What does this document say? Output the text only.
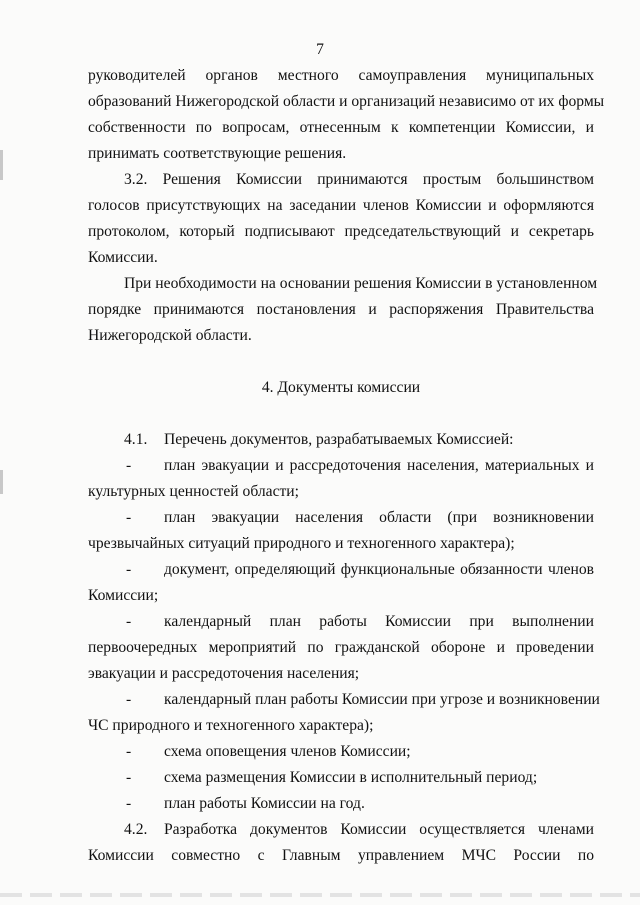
7
руководителей органов местного самоуправления муниципальных
образований Нижегородской области и организаций независимо от их формы
собственности по вопросам, отнесенным к компетенции Комиссии, и
принимать соответствующие решения.
3.2. Решения Комиссии принимаются простым большинством
голосов присутствующих на заседании членов Комиссии и оформляются
протоколом, который подписывают председательствующий и секретарь
Комиссии.
При необходимости на основании решения Комиссии в установленном
порядке принимаются постановления и распоряжения Правительства
Нижегородской области.
4. Документы комиссии
4.1.	Перечень документов, разрабатываемых Комиссией:
-	план эвакуации и рассредоточения населения, материальных и
культурных ценностей области;
-	план эвакуации населения области (при возникновении
чрезвычайных ситуаций природного и техногенного характера);
-	документ, определяющий функциональные обязанности членов
Комиссии;
-	календарный план работы Комиссии при выполнении
первоочередных мероприятий по гражданской обороне и проведении
эвакуации и рассредоточения населения;
-	календарный план работы Комиссии при угрозе и возникновении
ЧС природного и техногенного характера);
-	схема оповещения членов Комиссии;
-	схема размещения Комиссии в исполнительный период;
-	план работы Комиссии на год.
4.2.	Разработка документов Комиссии осуществляется членами
Комиссии совместно с Главным управлением МЧС России по
